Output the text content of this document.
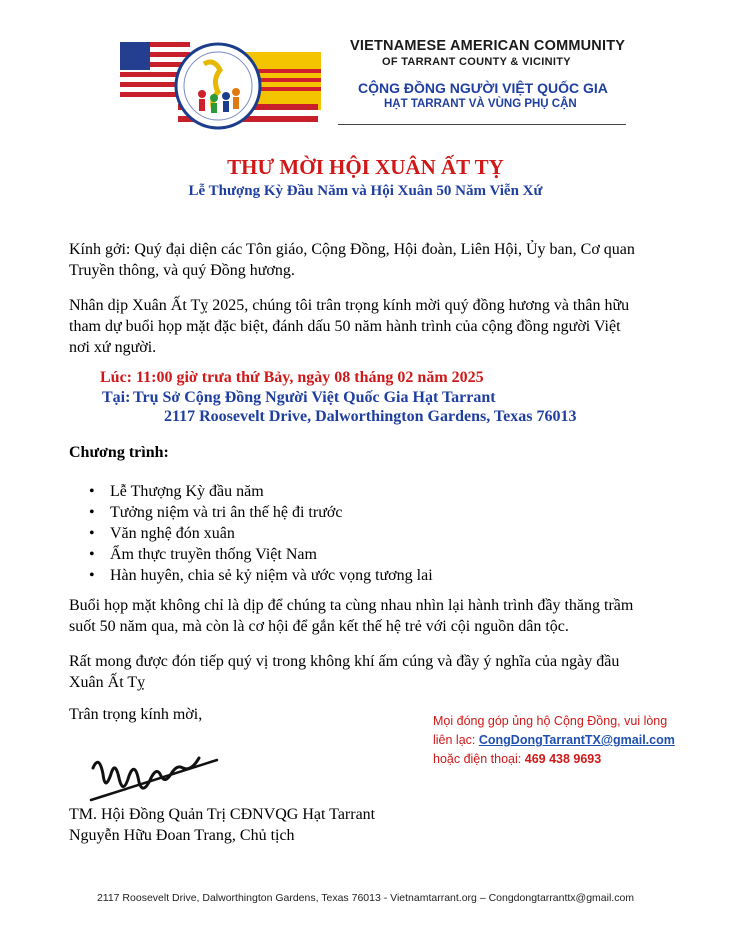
VIETNAMESE AMERICAN COMMUNITY
OF TARRANT COUNTY & VICINITY
CỘNG ĐỒNG NGƯỜI VIỆT QUỐC GIA
HẠT TARRANT VÀ VÙNG PHỤ CẬN
THƯ MỜI HỘI XUÂN ẤT TỴ
Lễ Thượng Kỳ Đầu Năm và Hội Xuân 50 Năm Viễn Xứ
Kính gởi: Quý đại diện các Tôn giáo, Cộng Đồng, Hội đoàn, Liên Hội, Ủy ban, Cơ quan
Truyền thông, và quý Đồng hương.
Nhân dịp Xuân Ất Tỵ 2025, chúng tôi trân trọng kính mời quý đồng hương và thân hữu
tham dự buổi họp mặt đặc biệt, đánh dấu 50 năm hành trình của cộng đồng người Việt
nơi xứ người.
Lúc: 11:00 giờ trưa thứ Bảy, ngày 08 tháng 02 năm 2025
Tại: Trụ Sở Cộng Đồng Người Việt Quốc Gia Hạt Tarrant
2117 Roosevelt Drive, Dalworthington Gardens, Texas 76013
Chương trình:
• Lễ Thượng Kỳ đầu năm
• Tưởng niệm và tri ân thế hệ đi trước
• Văn nghệ đón xuân
• Ẩm thực truyền thống Việt Nam
• Hàn huyên, chia sẻ kỷ niệm và ước vọng tương lai
Buổi họp mặt không chỉ là dịp để chúng ta cùng nhau nhìn lại hành trình đầy thăng trầm
suốt 50 năm qua, mà còn là cơ hội để gắn kết thế hệ trẻ với cội nguồn dân tộc.
Rất mong được đón tiếp quý vị trong không khí ấm cúng và đầy ý nghĩa của ngày đầu
Xuân Ất Tỵ
Trân trọng kính mời,	Mọi đóng góp ủng hộ Cộng Đồng, vui lòng
liên lạc: CongDongTarrantTX@gmail.com
hoặc điện thoại: 469 438 9693
TM. Hội Đồng Quản Trị CĐNVQG Hạt Tarrant
Nguyễn Hữu Đoan Trang, Chủ tịch
2117 Roosevelt Drive, Dalworthington Gardens, Texas 76013 - Vietnamtarrant.org – Congdongtarranttx@gmail.com
